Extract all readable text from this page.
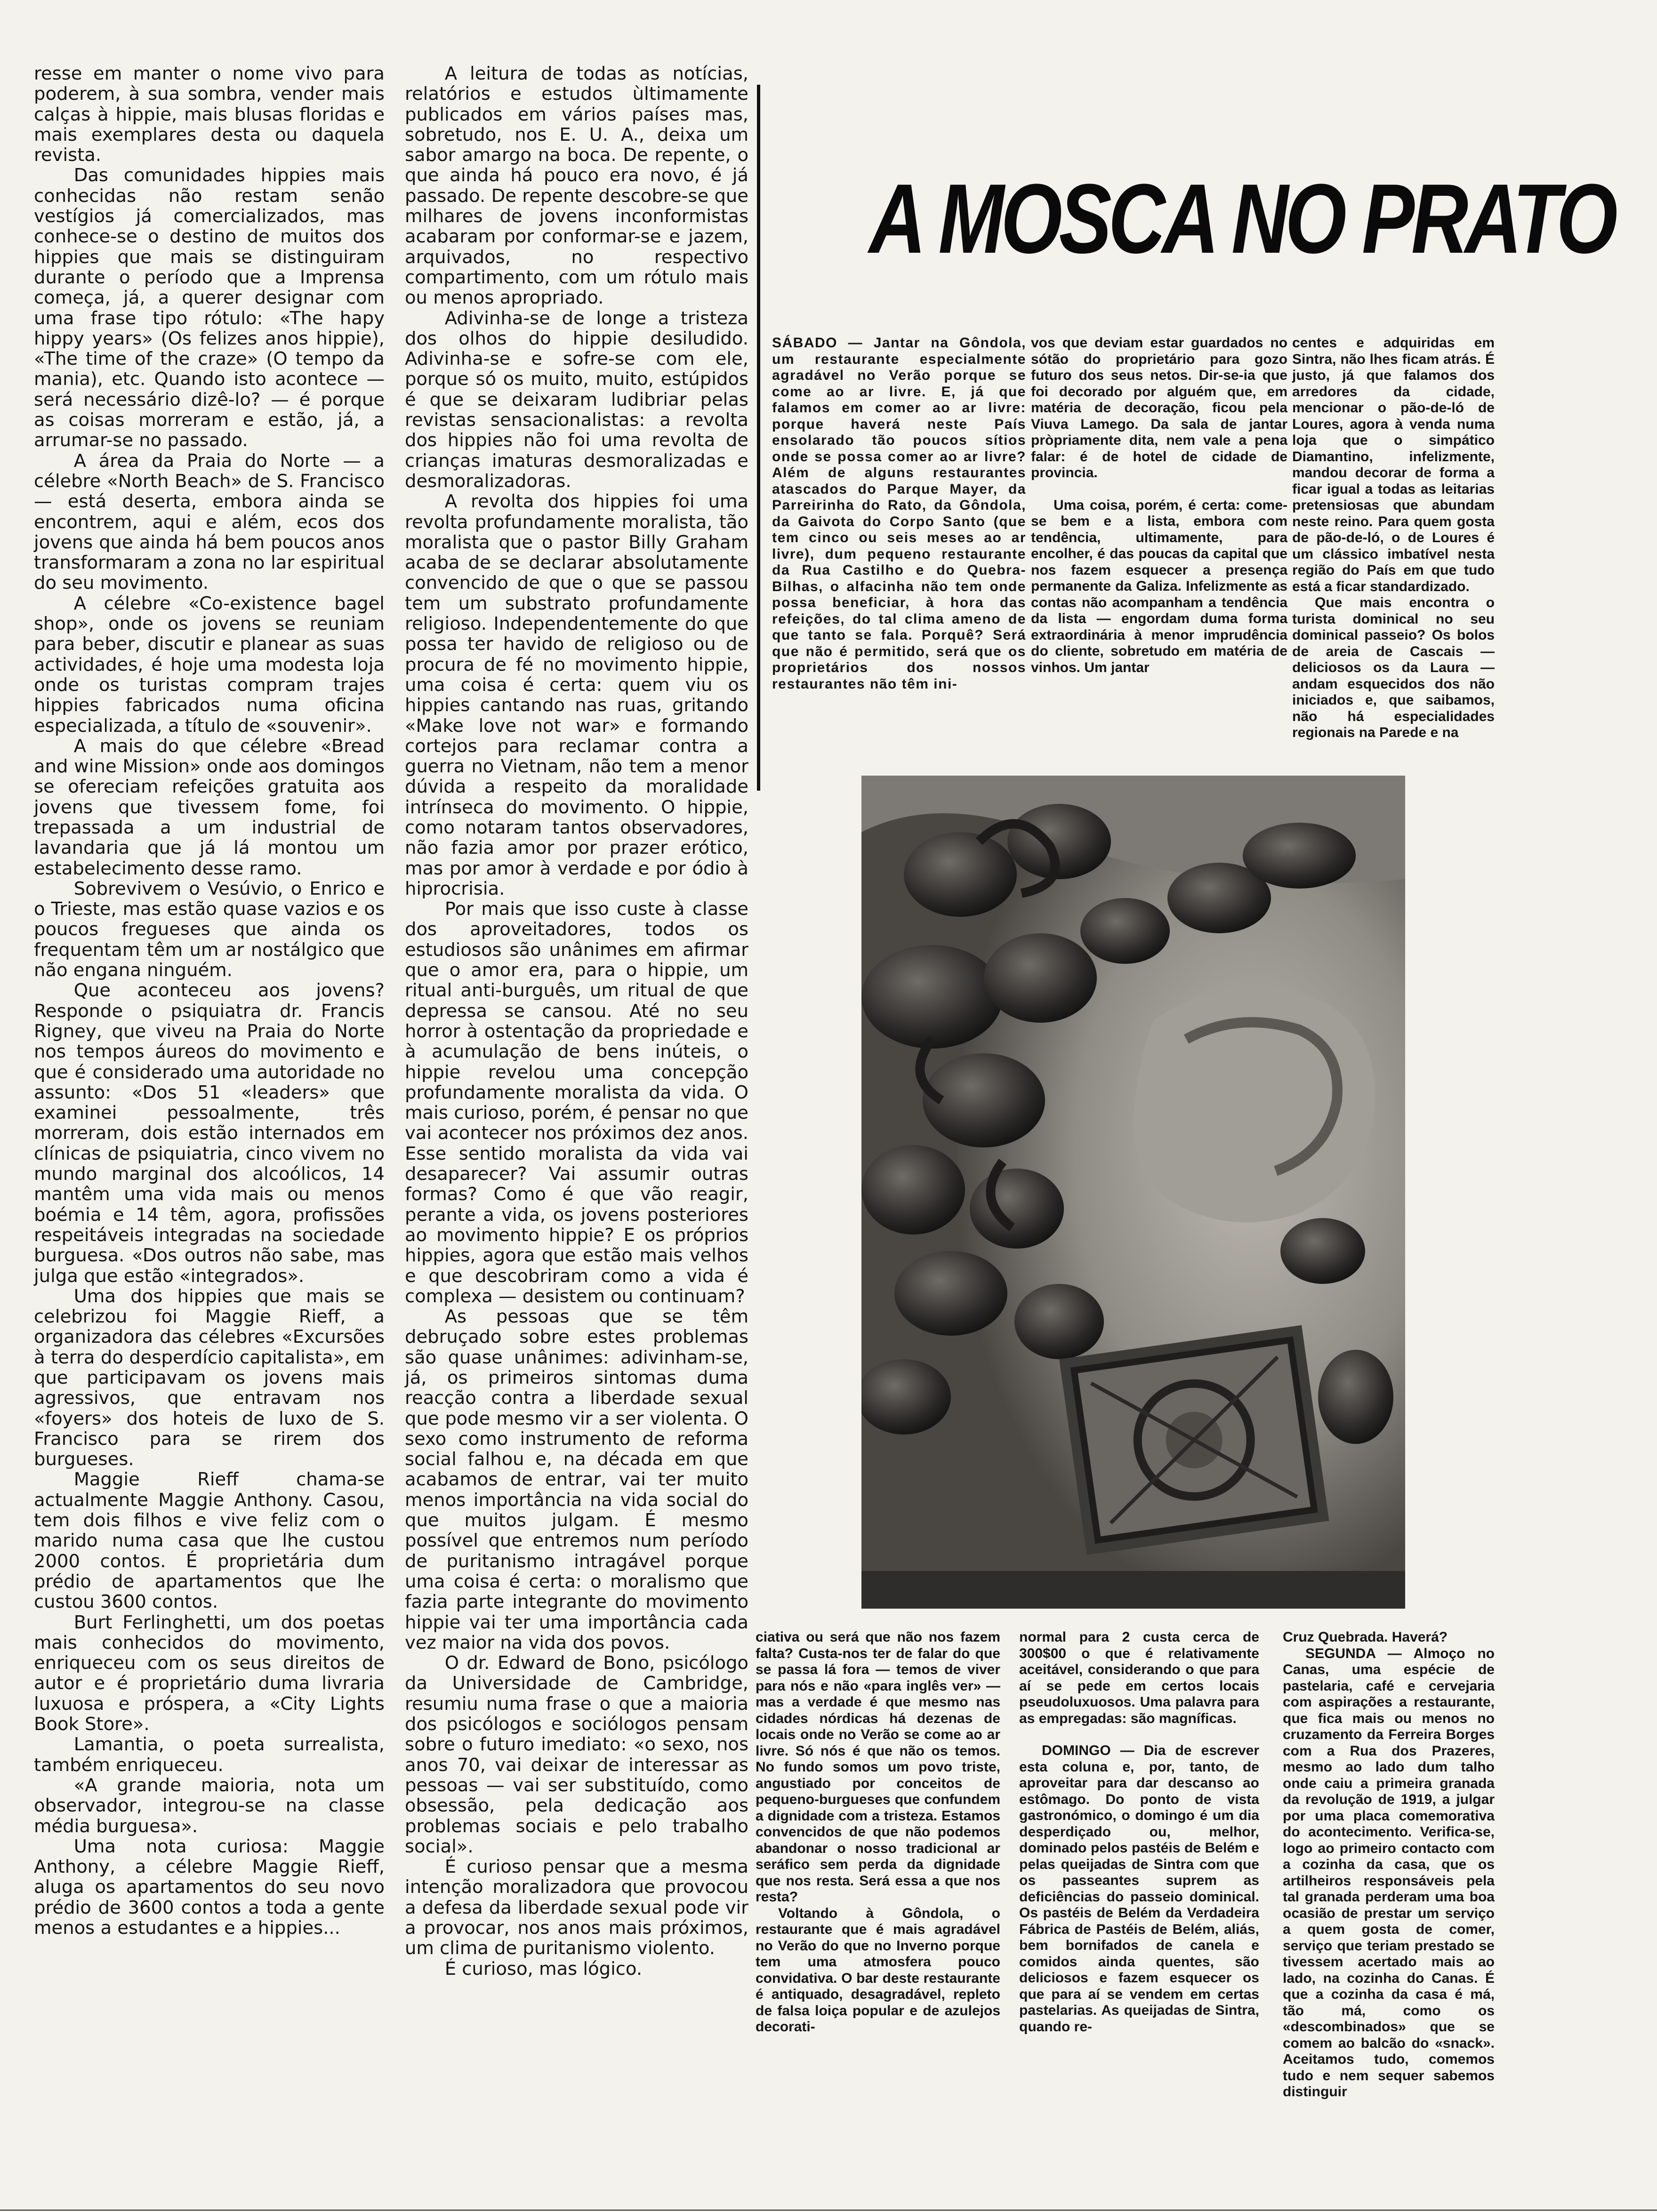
resse em manter o nome vivo para poderem, à sua sombra, vender mais calças à hippie, mais blusas floridas e mais exemplares desta ou daquela revista.

Das comunidades hippies mais conhecidas não restam senão vestígios já comercializados, mas conhece-se o destino de muitos dos hippies que mais se distinguiram durante o período que a Imprensa começa, já, a querer designar com uma frase tipo rótulo: «The hapy hippy years» (Os felizes anos hippie), «The time of the craze» (O tempo da mania), etc. Quando isto acontece — será necessário dizê-lo? — é porque as coisas morreram e estão, já, a arrumar-se no passado.

A área da Praia do Norte — a célebre «North Beach» de S. Francisco — está deserta, embora ainda se encontrem, aqui e além, ecos dos jovens que ainda há bem poucos anos transformaram a zona no lar espiritual do seu movimento.

A célebre «Co-existence bagel shop», onde os jovens se reuniam para beber, discutir e planear as suas actividades, é hoje uma modesta loja onde os turistas compram trajes hippies fabricados numa oficina especializada, a título de «souvenir».

A mais do que célebre «Bread and wine Mission» onde aos domingos se ofereciam refeições gratuita aos jovens que tivessem fome, foi trepassada a um industrial de lavandaria que já lá montou um estabelecimento desse ramo.

Sobrevivem o Vesúvio, o Enrico e o Trieste, mas estão quase vazios e os poucos fregueses que ainda os frequentam têm um ar nostálgico que não engana ninguém.

Que aconteceu aos jovens? Responde o psiquiatra dr. Francis Rigney, que viveu na Praia do Norte nos tempos áureos do movimento e que é considerado uma autoridade no assunto: «Dos 51 «leaders» que examinei pessoalmente, três morreram, dois estão internados em clínicas de psiquiatria, cinco vivem no mundo marginal dos alcoólicos, 14 mantêm uma vida mais ou menos boémia e 14 têm, agora, profissões respeitáveis integradas na sociedade burguesa. «Dos outros não sabe, mas julga que estão «integrados».

Uma dos hippies que mais se celebrizou foi Maggie Rieff, a organizadora das célebres «Excursões à terra do desperdício capitalista», em que participavam os jovens mais agressivos, que entravam nos «foyers» dos hoteis de luxo de S. Francisco para se rirem dos burgueses.

Maggie Rieff chama-se actualmente Maggie Anthony. Casou, tem dois filhos e vive feliz com o marido numa casa que lhe custou 2000 contos. É proprietária dum prédio de apartamentos que lhe custou 3600 contos.

Burt Ferlinghetti, um dos poetas mais conhecidos do movimento, enriqueceu com os seus direitos de autor e é proprietário duma livraria luxuosa e próspera, a «City Lights Book Store».

Lamantia, o poeta surrealista, também enriqueceu.

«A grande maioria, nota um observador, integrou-se na classe média burguesa».

Uma nota curiosa: Maggie Anthony, a célebre Maggie Rieff, aluga os apartamentos do seu novo prédio de 3600 contos a toda a gente menos a estudantes e a hippies...

A leitura de todas as notícias, relatórios e estudos ùltimamente publicados em vários países mas, sobretudo, nos E. U. A., deixa um sabor amargo na boca. De repente, o que ainda há pouco era novo, é já passado. De repente descobre-se que milhares de jovens inconformistas acabaram por conformar-se e jazem, arquivados, no respectivo compartimento, com um rótulo mais ou menos apropriado.

Adivinha-se de longe a tristeza dos olhos do hippie desiludido. Adivinha-se e sofre-se com ele, porque só os muito, muito, estúpidos é que se deixaram ludibriar pelas revistas sensacionalistas: a revolta dos hippies não foi uma revolta de crianças imaturas desmoralizadas e desmoralizadoras.

A revolta dos hippies foi uma revolta profundamente moralista, tão moralista que o pastor Billy Graham acaba de se declarar absolutamente convencido de que o que se passou tem um substrato profundamente religioso. Independentemente do que possa ter havido de religioso ou de procura de fé no movimento hippie, uma coisa é certa: quem viu os hippies cantando nas ruas, gritando «Make love not war» e formando cortejos para reclamar contra a guerra no Vietnam, não tem a menor dúvida a respeito da moralidade intrínseca do movimento. O hippie, como notaram tantos observadores, não fazia amor por prazer erótico, mas por amor à verdade e por ódio à hiprocrisia.

Por mais que isso custe à classe dos aproveitadores, todos os estudiosos são unânimes em afirmar que o amor era, para o hippie, um ritual anti-burguês, um ritual de que depressa se cansou. Até no seu horror à ostentação da propriedade e à acumulação de bens inúteis, o hippie revelou uma concepção profundamente moralista da vida. O mais curioso, porém, é pensar no que vai acontecer nos próximos dez anos. Esse sentido moralista da vida vai desaparecer? Vai assumir outras formas? Como é que vão reagir, perante a vida, os jovens posteriores ao movimento hippie? E os próprios hippies, agora que estão mais velhos e que descobriram como a vida é complexa — desistem ou continuam?

As pessoas que se têm debruçado sobre estes problemas são quase unânimes: adivinham-se, já, os primeiros sintomas duma reacção contra a liberdade sexual que pode mesmo vir a ser violenta. O sexo como instrumento de reforma social falhou e, na década em que acabamos de entrar, vai ter muito menos importância na vida social do que muitos julgam. É mesmo possível que entremos num período de puritanismo intragável porque uma coisa é certa: o moralismo que fazia parte integrante do movimento hippie vai ter uma importância cada vez maior na vida dos povos.

O dr. Edward de Bono, psicólogo da Universidade de Cambridge, resumiu numa frase o que a maioria dos psicólogos e sociólogos pensam sobre o futuro imediato: «o sexo, nos anos 70, vai deixar de interessar as pessoas — vai ser substituído, como obsessão, pela dedicação aos problemas sociais e pelo trabalho social».

É curioso pensar que a mesma intenção moralizadora que provocou a defesa da liberdade sexual pode vir a provocar, nos anos mais próximos, um clima de puritanismo violento.

É curioso, mas lógico.

A MOSCA NO PRATO

SÁBADO — Jantar na Gôndola, um restaurante especialmente agradável no Verão porque se come ao ar livre. E, já que falamos em comer ao ar livre: porque haverá neste País ensolarado tão poucos sítios onde se possa comer ao ar livre? Além de alguns restaurantes atascados do Parque Mayer, da Parreirinha do Rato, da Gôndola, da Gaivota do Corpo Santo (que tem cinco ou seis meses ao ar livre), dum pequeno restaurante da Rua Castilho e do Quebra-Bilhas, o alfacinha não tem onde possa beneficiar, à hora das refeições, do tal clima ameno de que tanto se fala. Porquê? Será que não é permitido, será que os proprietários dos nossos restaurantes não têm ini-

vos que deviam estar guardados no sótão do proprietário para gozo futuro dos seus netos. Dir-se-ia que foi decorado por alguém que, em matéria de decoração, ficou pela Viuva Lamego. Da sala de jantar pròpriamente dita, nem vale a pena falar: é de hotel de cidade de provincia.

Uma coisa, porém, é certa: come-se bem e a lista, embora com tendência, ultimamente, para encolher, é das poucas da capital que nos fazem esquecer a presença permanente da Galiza. Infelizmente as contas não acompanham a tendência da lista — engordam duma forma extraordinária à menor imprudência do cliente, sobretudo em matéria de vinhos. Um jantar

centes e adquiridas em Sintra, não lhes ficam atrás. É justo, já que falamos dos arredores da cidade, mencionar o pão-de-ló de Loures, agora à venda numa loja que o simpático Diamantino, infelizmente, mandou decorar de forma a ficar igual a todas as leitarias pretensiosas que abundam neste reino. Para quem gosta de pão-de-ló, o de Loures é um clássico imbatível nesta região do País em que tudo está a ficar standardizado.

Que mais encontra o turista dominical no seu dominical passeio? Os bolos de areia de Cascais — deliciosos os da Laura — andam esquecidos dos não iniciados e, que saibamos, não há especialidades regionais na Parede e na

ciativa ou será que não nos fazem falta? Custa-nos ter de falar do que se passa lá fora — temos de viver para nós e não «para inglês ver» — mas a verdade é que mesmo nas cidades nórdicas há dezenas de locais onde no Verão se come ao ar livre. Só nós é que não os temos. No fundo somos um povo triste, angustiado por conceitos de pequeno-burgueses que confundem a dignidade com a tristeza. Estamos convencidos de que não podemos abandonar o nosso tradicional ar seráfico sem perda da dignidade que nos resta. Será essa a que nos resta?

Voltando à Gôndola, o restaurante que é mais agradável no Verão do que no Inverno porque tem uma atmosfera pouco convidativa. O bar deste restaurante é antiquado, desagradável, repleto de falsa loiça popular e de azulejos decorati-

normal para 2 custa cerca de 300$00 o que é relativamente aceitável, considerando o que para aí se pede em certos locais pseudoluxuosos. Uma palavra para as empregadas: são magníficas.

DOMINGO — Dia de escrever esta coluna e, por, tanto, de aproveitar para dar descanso ao estômago. Do ponto de vista gastronómico, o domingo é um dia desperdiçado ou, melhor, dominado pelos pastéis de Belém e pelas queijadas de Sintra com que os passeantes suprem as deficiências do passeio dominical. Os pastéis de Belém da Verdadeira Fábrica de Pastéis de Belém, aliás, bem bornifados de canela e comidos ainda quentes, são deliciosos e fazem esquecer os que para aí se vendem em certas pastelarias. As queijadas de Sintra, quando re-

Cruz Quebrada. Haverá?

SEGUNDA — Almoço no Canas, uma espécie de pastelaria, café e cervejaria com aspirações a restaurante, que fica mais ou menos no cruzamento da Ferreira Borges com a Rua dos Prazeres, mesmo ao lado dum talho onde caiu a primeira granada da revolução de 1919, a julgar por uma placa comemorativa do acontecimento. Verifica-se, logo ao primeiro contacto com a cozinha da casa, que os artilheiros responsáveis pela tal granada perderam uma boa ocasião de prestar um serviço a quem gosta de comer, serviço que teriam prestado se tivessem acertado mais ao lado, na cozinha do Canas. É que a cozinha da casa é má, tão má, como os «descombinados» que se comem ao balcão do «snack». Aceitamos tudo, comemos tudo e nem sequer sabemos distinguir
